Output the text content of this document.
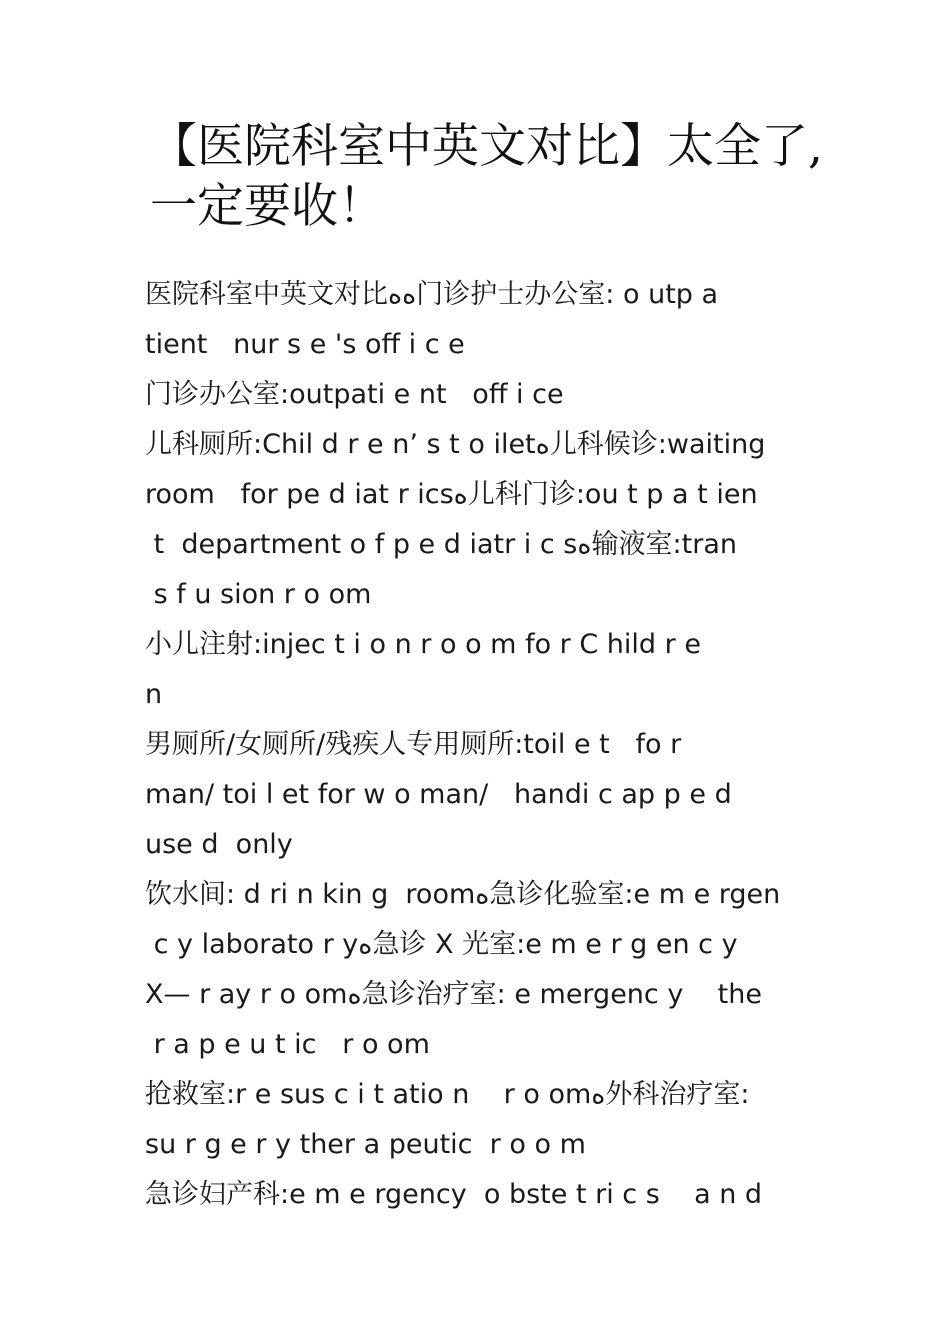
【医院科室中英文对比】太全了,一定要收！
医院科室中英文对比ﻩﻩ门诊护士办公室: o utp a
tient   nur s e 's off i c e
门诊办公室:outpati e nt   off i ce
儿科厕所:Chil d r e n’ s t o iletﻩ儿科候诊:waiting
room   for pe d iat r icsﻩ儿科门诊:ou t p a t ien
t  department o f p e d iatr i c sﻩ输液室:tran
s f u sion r o om
小儿注射:injec t i o n r o o m fo r C hild r e
n
男厕所/女厕所/残疾人专用厕所:toil e t   fo r
man/ toi l et for w o man/   handi c ap p e d
use d  only
饮水间: d ri n kin g  roomﻩ急诊化验室:e m e rgen
c y laborato r yﻩ急诊 X 光室:e m e r g en c y
X— r ay r o omﻩ急诊治疗室: e mergenc y    the
r a p e u t ic   r o om
抢救室:r e sus c i t atio n    r o omﻩ外科治疗室:
su r g e r y ther a peutic  r o o m
急诊妇产科:e m e rgency  o bste t ri c s    a n d
